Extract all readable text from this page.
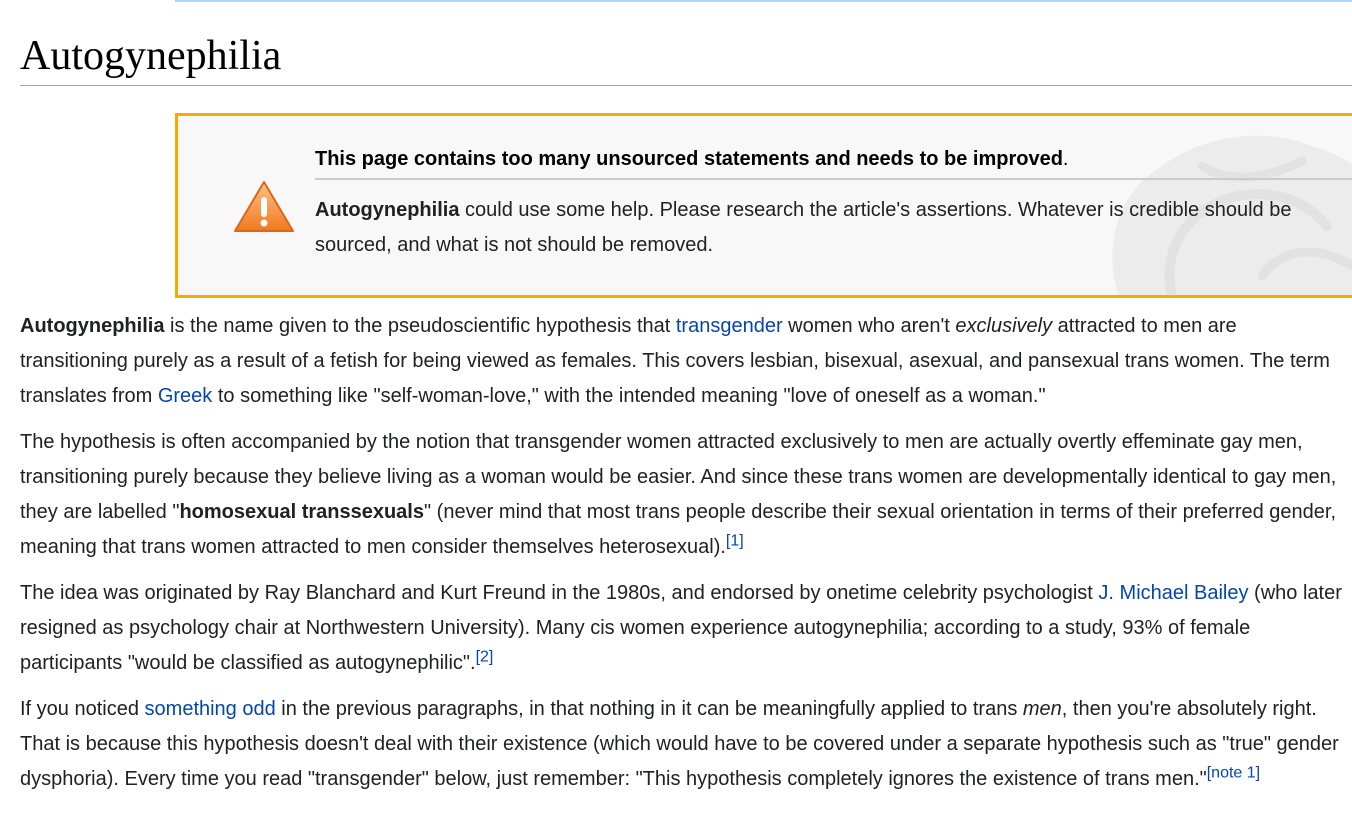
Autogynephilia
This page contains too many unsourced statements and needs to be improved.
Autogynephilia could use some help. Please research the article's assertions. Whatever is credible should be sourced, and what is not should be removed.

Autogynephilia is the name given to the pseudoscientific hypothesis that transgender women who aren't exclusively attracted to men are transitioning purely as a result of a fetish for being viewed as females. This covers lesbian, bisexual, asexual, and pansexual trans women. The term translates from Greek to something like "self-woman-love," with the intended meaning "love of oneself as a woman."

The hypothesis is often accompanied by the notion that transgender women attracted exclusively to men are actually overtly effeminate gay men, transitioning purely because they believe living as a woman would be easier. And since these trans women are developmentally identical to gay men, they are labelled "homosexual transsexuals" (never mind that most trans people describe their sexual orientation in terms of their preferred gender, meaning that trans women attracted to men consider themselves heterosexual).[1]

The idea was originated by Ray Blanchard and Kurt Freund in the 1980s, and endorsed by onetime celebrity psychologist J. Michael Bailey (who later resigned as psychology chair at Northwestern University). Many cis women experience autogynephilia; according to a study, 93% of female participants "would be classified as autogynephilic".[2]

If you noticed something odd in the previous paragraphs, in that nothing in it can be meaningfully applied to trans men, then you're absolutely right. That is because this hypothesis doesn't deal with their existence (which would have to be covered under a separate hypothesis such as "true" gender dysphoria). Every time you read "transgender" below, just remember: "This hypothesis completely ignores the existence of trans men."[note 1]
